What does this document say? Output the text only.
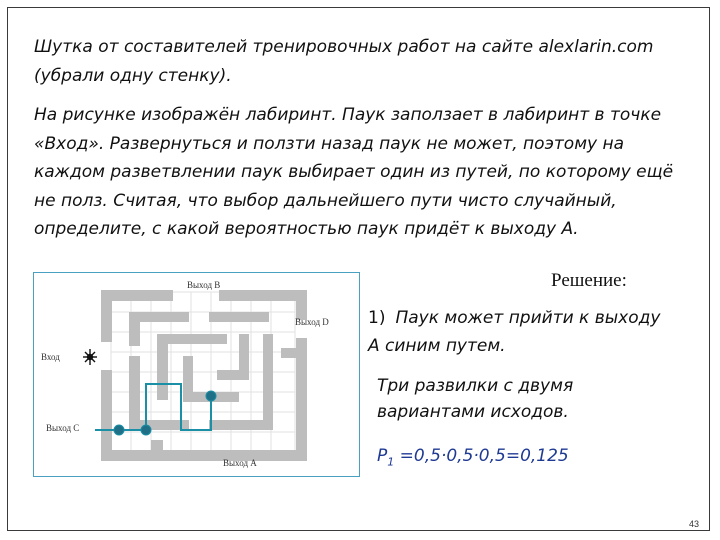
Шутка от составителей тренировочных работ на сайте alexlarin.com (убрали одну стенку).

На рисунке изображён лабиринт. Паук заползает в лабиринт в точке «Вход». Развернуться и ползти назад паук не может, поэтому на каждом разветвлении паук выбирает один из путей, по которому ещё не полз. Считая, что выбор дальнейшего пути чисто случайный, определите, с какой вероятностью паук придёт к выходу А.

Выход B
Выход D
Вход
Выход C
Выход A
Решение:
1) Паук может прийти к выходу А синим путем.
Три развилки с двумя вариантами исходов.
$P_1 =0,5\cdot 0,5\cdot 0,5=0,125$
43
